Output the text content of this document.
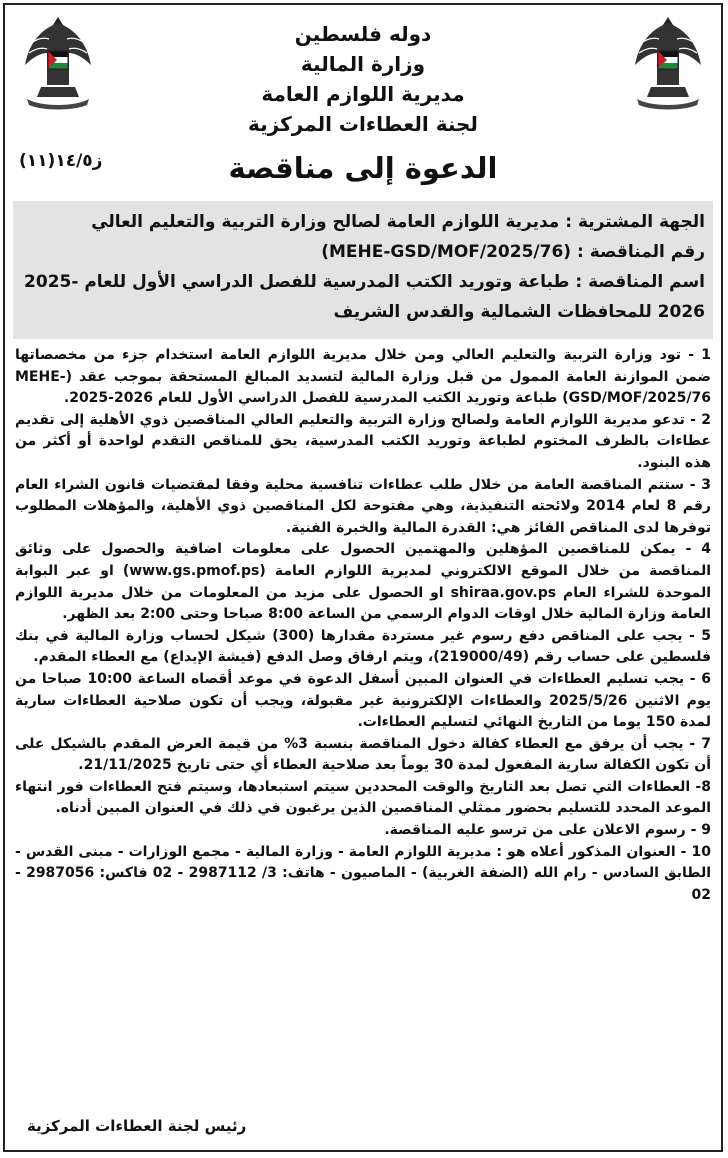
دوله فلسطين
وزارة المالية
مديرية اللوازم العامة
لجنة العطاءات المركزية
ز١٤/٥(١١)	الدعوة إلى مناقصة
الجهة المشترية : مديرية اللوازم العامة لصالح وزارة التربية والتعليم العالي
رقم المناقصة : (MEHE-GSD/MOF/2025/76)
اسم المناقصة : طباعة وتوريد الكتب المدرسية للفصل الدراسي الأول للعام -2025
2026 للمحافظات الشمالية والقدس الشريف

1 - تود وزارة التربية والتعليم العالي ومن خلال مديرية اللوازم العامة استخدام جزء من مخصصاتها ضمن الموازنة العامة الممول من قبل وزارة المالية لتسديد المبالغ المستحقة بموجب عقد (MEHE-GSD/MOF/2025/76) طباعة وتوريد الكتب المدرسية للفصل الدراسي الأول للعام 2026-2025.

2 - تدعو مديرية اللوازم العامة ولصالح وزارة التربية والتعليم العالي المناقصين ذوي الأهلية إلى تقديم عطاءات بالظرف المختوم لطباعة وتوريد الكتب المدرسية، يحق للمناقص التقدم لواحدة أو أكثر من هذه البنود.

3 - ستتم المناقصة العامة من خلال طلب عطاءات تنافسية محلية وفقا لمقتضيات قانون الشراء العام رقم 8 لعام 2014 ولائحته التنفيذية، وهي مفتوحة لكل المناقصين ذوي الأهلية، والمؤهلات المطلوب توفرها لدى المناقص الفائز هي: القدرة المالية والخبرة الفنية.

4 - يمكن للمناقصين المؤهلين والمهتمين الحصول على معلومات اضافية والحصول على وثائق المناقصة من خلال الموقع الالكتروني لمديرية اللوازم العامة (www.gs.pmof.ps) او عبر البوابة الموحدة للشراء العام shiraa.gov.ps او الحصول على مزيد من المعلومات من خلال مديرية اللوازم العامة وزارة المالية خلال اوقات الدوام الرسمي من الساعة 8:00 صباحا وحتى 2:00 بعد الظهر.

5 - يجب على المناقص دفع رسوم غير مستردة مقدارها (300) شيكل لحساب وزارة المالية في بنك فلسطين على حساب رقم (219000/49)، ويتم ارفاق وصل الدفع (فيشة الإيداع) مع العطاء المقدم.

6 - يجب تسليم العطاءات في العنوان المبين أسفل الدعوة في موعد أقصاه الساعة 10:00 صباحا من يوم الاثنين 2025/5/26 والعطاءات الإلكترونية غير مقبولة، ويجب أن تكون صلاحية العطاءات سارية لمدة 150 يوما من التاريخ النهائي لتسليم العطاءات.

7 - يجب أن يرفق مع العطاء كفالة دخول المناقصة بنسبة 3% من قيمة العرض المقدم بالشيكل على أن تكون الكفالة سارية المفعول لمدة 30 يوماً بعد صلاحية العطاء أي حتى تاريخ 21/11/2025.

8- العطاءات التي تصل بعد التاريخ والوقت المحددين سيتم استبعادها، وسيتم فتح العطاءات فور انتهاء الموعد المحدد للتسليم بحضور ممثلي المناقصين الذين يرغبون في ذلك في العنوان المبين أدناه.

9 - رسوم الاعلان على من ترسو عليه المناقصة.

10 - العنوان المذكور أعلاه هو : مديرية اللوازم العامة - وزارة المالية - مجمع الوزارات - مبنى القدس - الطابق السادس - رام الله (الضفة الغربية) - الماصيون - هاتف: 3/ 2987112 - 02 فاكس: 2987056 - 02

رئيس لجنة العطاءات المركزية
